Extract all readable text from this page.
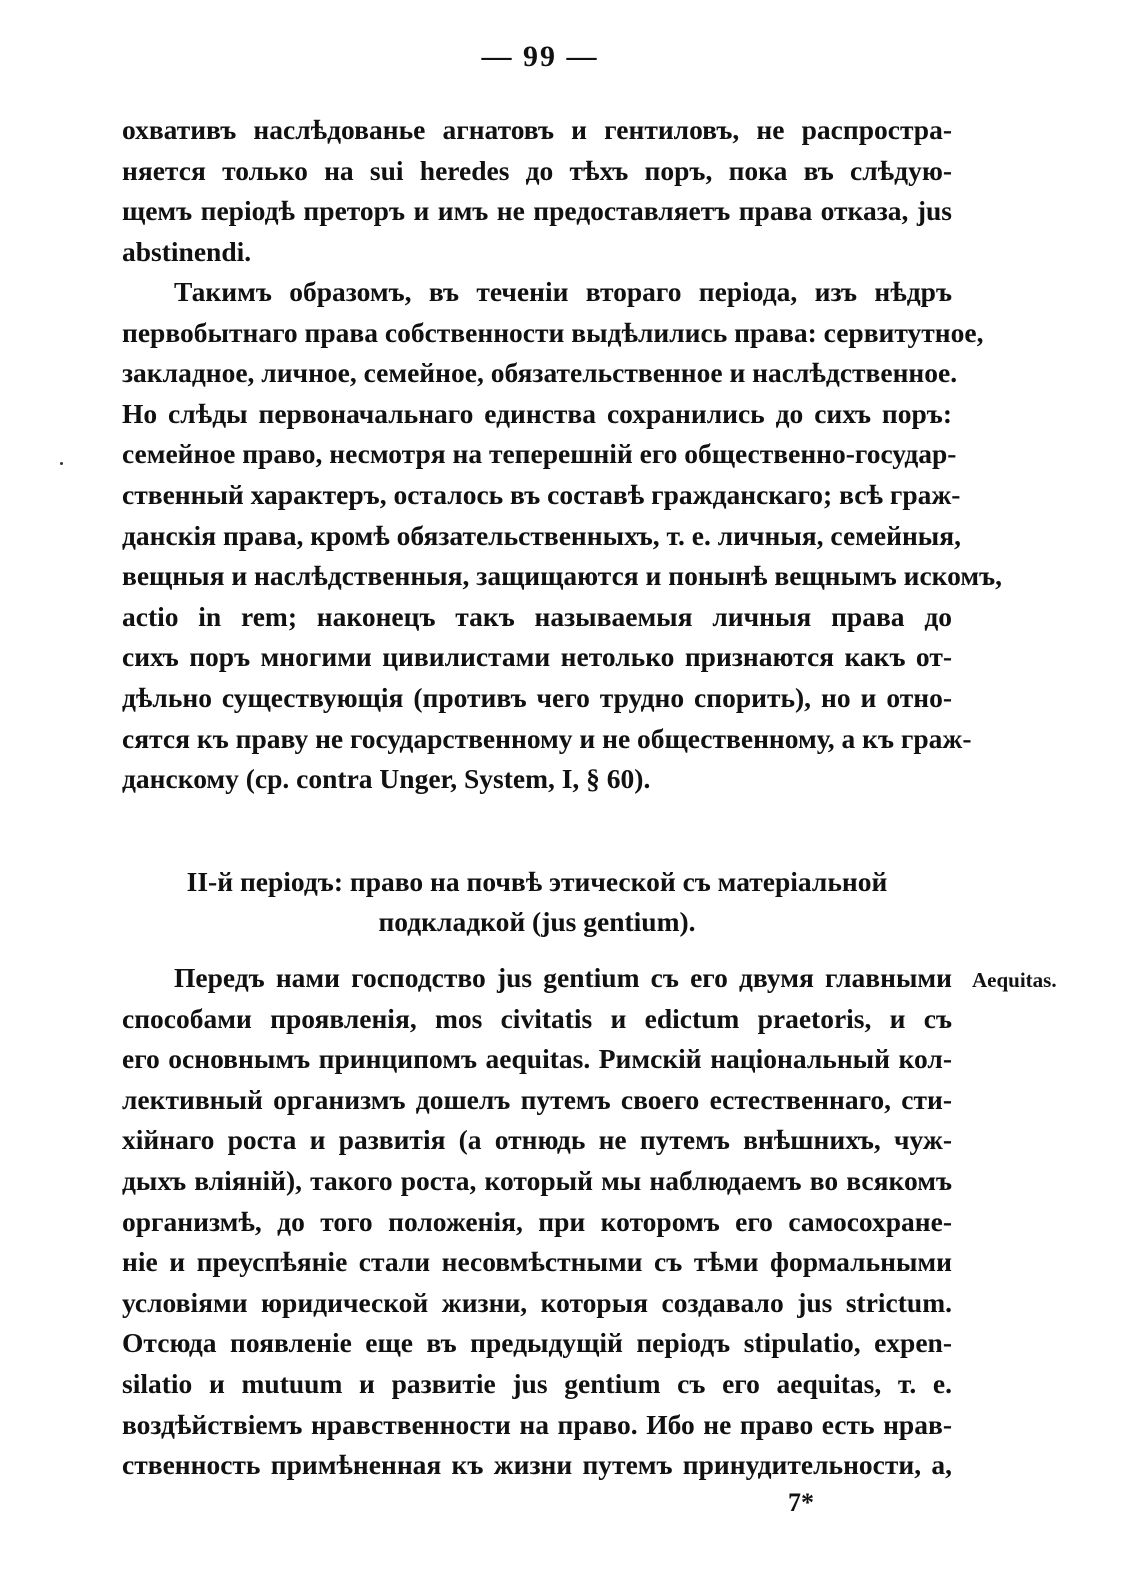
— 99 —
охвативъ наслѣдованье агнатовъ и гентиловъ, не распростра-
няется только на sui heredes до тѣхъ поръ, пока въ слѣдую-
щемъ періодѣ преторъ и имъ не предоставляетъ права отказа, jus
abstinendi.
Такимъ образомъ, въ теченіи втораго періода, изъ нѣдръ
первобытнаго права собственности выдѣлились права: сервитутное,
закладное, личное, семейное, обязательственное и наслѣдственное.
Но слѣды первоначальнаго единства сохранились до сихъ поръ:
семейное право, несмотря на теперешній его общественно-государ-
ственный характеръ, осталось въ составѣ гражданскаго; всѣ граж-
данскія права, кромѣ обязательственныхъ, т. е. личныя, семейныя,
вещныя и наслѣдственныя, защищаются и понынѣ вещнымъ искомъ,
actio in rem; наконецъ такъ называемыя личныя права до
сихъ поръ многими цивилистами нетолько признаются какъ от-
дѣльно существующія (противъ чего трудно спорить), но и отно-
сятся къ праву не государственному и не общественному, а къ граж-
данскому (ср. contra Unger, System, I, § 60).
II-й періодъ: право на почвѣ этической съ матеріальной
подкладкой (jus gentium).
Aequitas.
Передъ нами господство jus gentium съ его двумя главными
способами проявленія, mos civitatis и edictum praetoris, и съ
его основнымъ принципомъ aequitas. Римскій національный кол-
лективный организмъ дошелъ путемъ своего естественнаго, сти-
хійнаго роста и развитія (а отнюдь не путемъ внѣшнихъ, чуж-
дыхъ вліяній), такого роста, который мы наблюдаемъ во всякомъ
организмѣ, до того положенія, при которомъ его самосохране-
ніе и преуспѣяніе стали несовмѣстными съ тѣми формальными
условіями юридической жизни, которыя создавало jus strictum.
Отсюда появленіе еще въ предыдущій періодъ stipulatio, expen-
silatio и mutuum и развитіе jus gentium съ его aequitas, т. е.
воздѣйствіемъ нравственности на право. Ибо не право есть нрав-
ственность примѣненная къ жизни путемъ принудительности, а,
7*
